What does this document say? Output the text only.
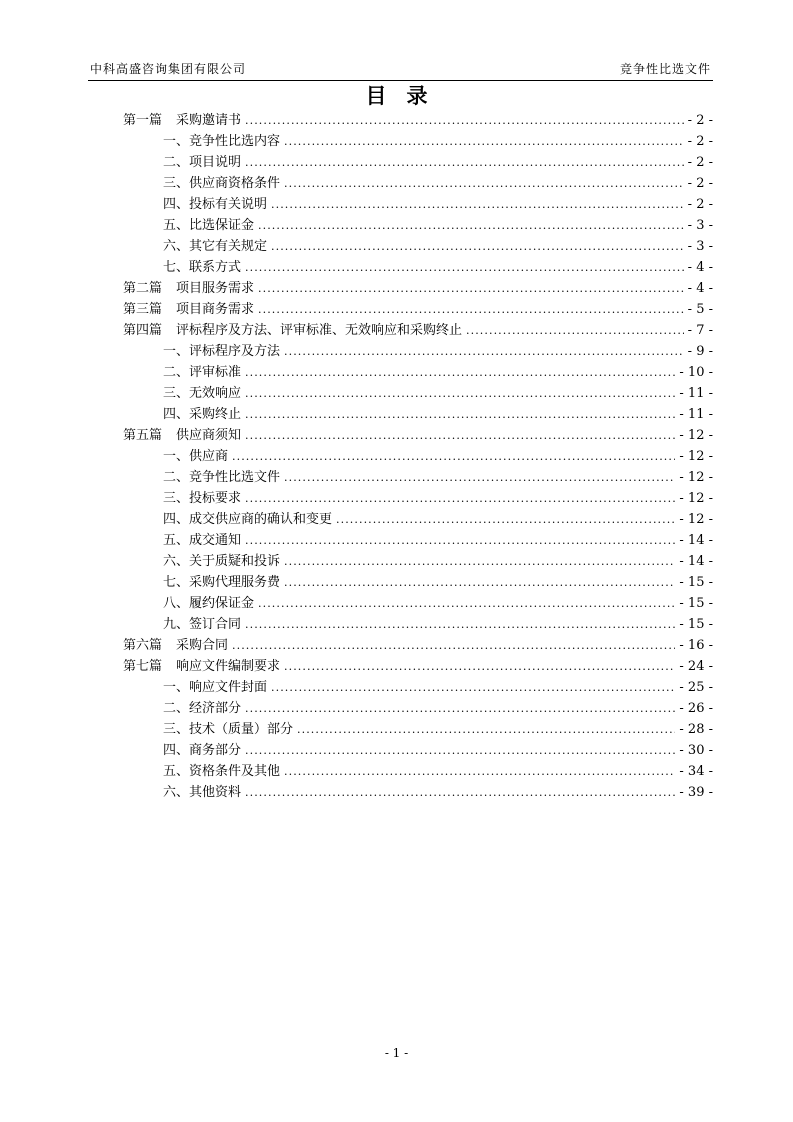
中科高盛咨询集团有限公司	竞争性比选文件
目录
第一篇 采购邀请书 . . .	- 2 -
一、 竞争性比选内容 . . .	- 2 -
二、 项目说明 . . .	- 2 -
三、 供应商资格条件 . . .	- 2 -
四、 投标有关说明 . . .	- 2 -
五、 比选保证金 . . .	- 3 -
六、 其它有关规定 . . .	- 3 -
七、 联系方式 . . .	- 4 -
第二篇 项目服务需求 . . .	- 4 -
第三篇 项目商务需求 . . .	- 5 -
第四篇 评标程序及方法、评审标准、无效响应和采购终止 . . .	- 7 -
一、 评标程序及方法 . . .	- 9 -
二、 评审标准 . . .	- 10 -
三、 无效响应 . . .	- 11 -
四、 采购终止 . . .	- 11 -
第五篇 供应商须知 . . .	- 12 -
一、 供应商 . . .	- 12 -
二、 竞争性比选文件 . . .	- 12 -
三、 投标要求 . . .	- 12 -
四、 成交供应商的确认和变更 . . .	- 12 -
五、 成交通知 . . .	- 14 -
六、 关于质疑和投诉 . . .	- 14 -
七、 采购代理服务费 . . .	- 15 -
八、 履约保证金 . . .	- 15 -
九、 签订合同 . . .	- 15 -
第六篇 采购合同 . . .	- 16 -
第七篇 响应文件编制要求 . . .	- 24 -
一、 响应文件封面 . . .	- 25 -
二、 经济部分 . . .	- 26 -
三、 技术（质量）部分 . . .	- 28 -
四、 商务部分 . . .	- 30 -
五、 资格条件及其他 . . .	- 34 -
六、 其他资料 . . .	- 39 -
- 1 -
